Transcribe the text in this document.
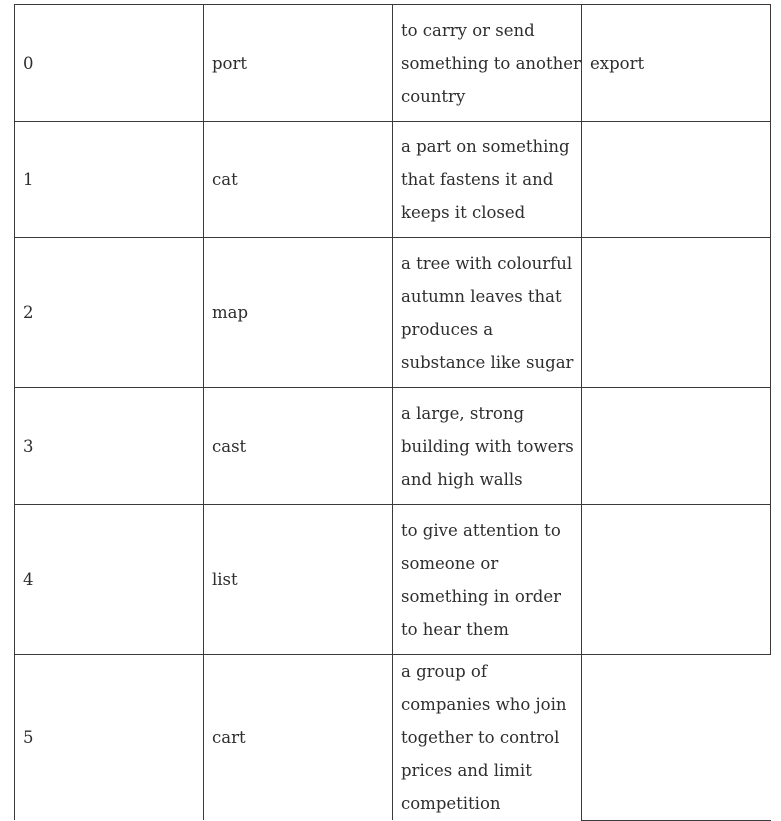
0	port	to carry or send something to another country	export
1	cat	a part on something that fastens it and keeps it closed	
2	map	a tree with colourful autumn leaves that produces a substance like sugar	
3	cast	a large, strong building with towers and high walls	
4	list	to give attention to someone or something in order to hear them	
5	cart	a group of companies who join together to control prices and limit competition	
